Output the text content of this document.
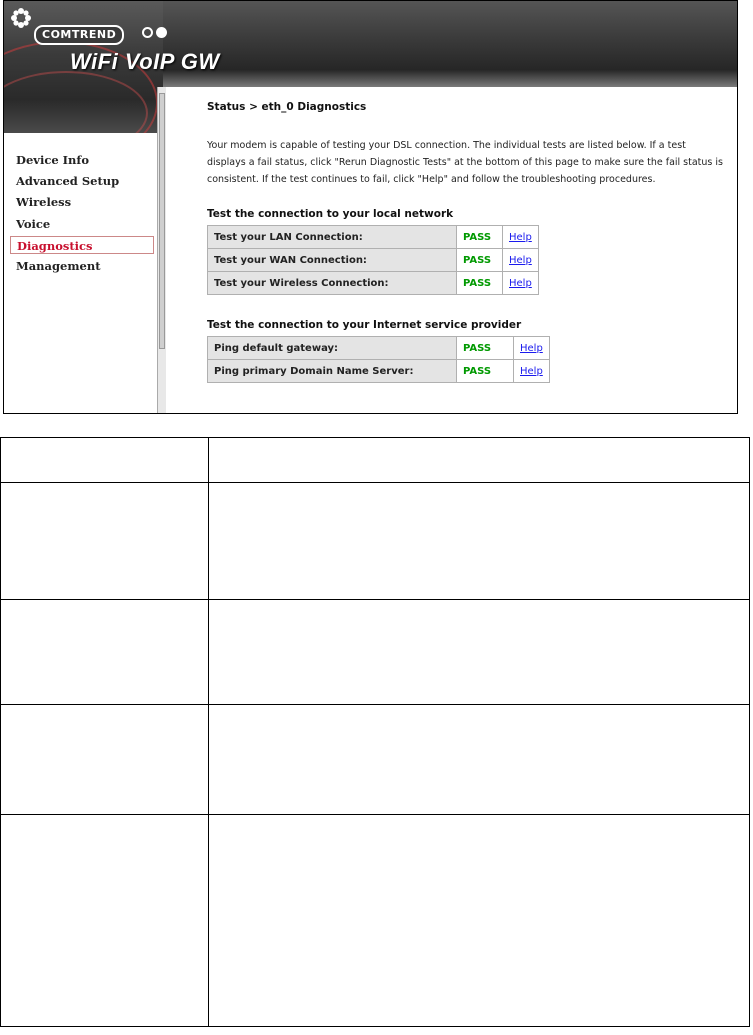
COMTREND
WiFi VoIP GW
Device Info
Advanced Setup
Wireless
Voice
Diagnostics
Management
Status > eth_0 Diagnostics
Your modem is capable of testing your DSL connection. The individual tests are listed below. If a test displays a fail status, click "Rerun Diagnostic Tests" at the bottom of this page to make sure the fail status is consistent. If the test continues to fail, click "Help" and follow the troubleshooting procedures.
Test the connection to your local network
Test your LAN Connection:	PASS	Help
Test your WAN Connection:	PASS	Help
Test your Wireless Connection:	PASS	Help
Test the connection to your Internet service provider
Ping default gateway:	PASS	Help
Ping primary Domain Name Server:	PASS	Help
